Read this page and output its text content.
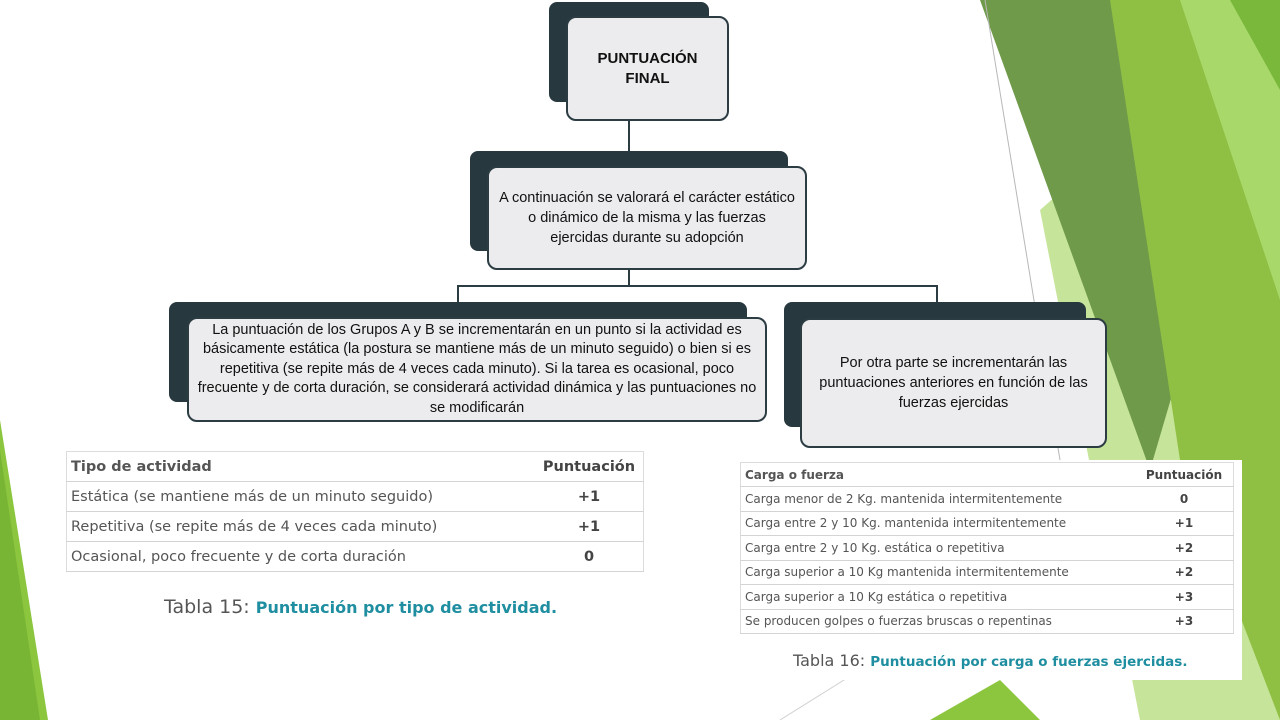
PUNTUACIÓN FINAL
A continuación se valorará el carácter estático o dinámico de la misma y las fuerzas ejercidas durante su adopción
La puntuación de los Grupos A y B se incrementarán en un punto si la actividad es básicamente estática (la postura se mantiene más de un minuto seguido) o bien si es repetitiva (se repite más de 4 veces cada minuto). Si la tarea es ocasional, poco frecuente y de corta duración, se considerará actividad dinámica y las puntuaciones no se modificarán
Por otra parte se incrementarán las puntuaciones anteriores en función de las fuerzas ejercidas
Tipo de actividad	Puntuación
Estática (se mantiene más de un minuto seguido)	+1
Repetitiva (se repite más de 4 veces cada minuto)	+1
Ocasional, poco frecuente y de corta duración	0
Tabla 15: Puntuación por tipo de actividad.
Carga o fuerza	Puntuación
Carga menor de 2 Kg. mantenida intermitentemente	0
Carga entre 2 y 10 Kg. mantenida intermitentemente	+1
Carga entre 2 y 10 Kg. estática o repetitiva	+2
Carga superior a 10 Kg mantenida intermitentemente	+2
Carga superior a 10 Kg estática o repetitiva	+3
Se producen golpes o fuerzas bruscas o repentinas	+3
Tabla 16: Puntuación por carga o fuerzas ejercidas.
